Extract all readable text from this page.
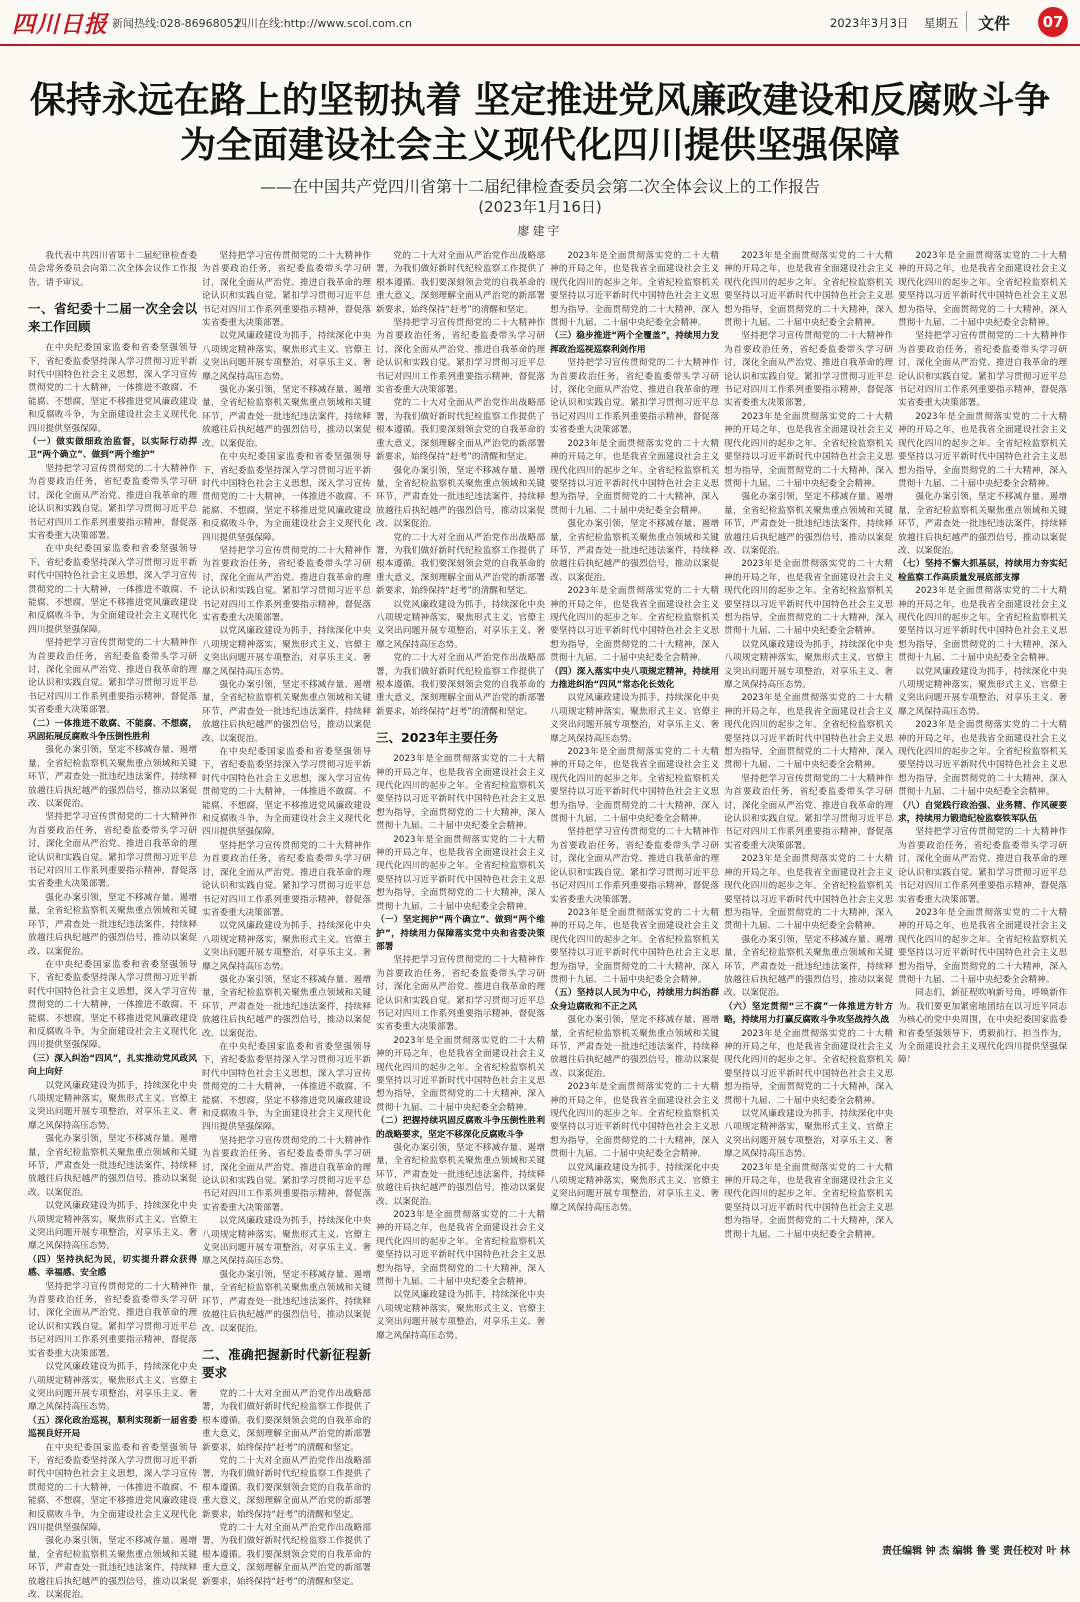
四川日报 新闻热线:028-86968052
四川在线:http://www.scol.com.cn	2023年3月3日 星期五 文件	07
保持永远在路上的坚韧执着 坚定推进党风廉政建设和反腐败斗争
为全面建设社会主义现代化四川提供坚强保障
——在中国共产党四川省第十二届纪律检查委员会第二次全体会议上的工作报告
(2023年1月16日)
廖建宇

我代表中共四川省第十二届纪律检查委员会常务委员会向第二次全体会议作工作报告，请予审议。

一、省纪委十二届一次全会以来工作回顾

在中央纪委国家监委和省委坚强领导下，省纪委监委坚持深入学习贯彻习近平新时代中国特色社会主义思想，深入学习宣传贯彻党的二十大精神，一体推进不敢腐、不能腐、不想腐，坚定不移推进党风廉政建设和反腐败斗争，为全面建设社会主义现代化四川提供坚强保障。

（一）做实做细政治监督，以实际行动捍卫“两个确立”、做到“两个维护”

坚持把学习宣传贯彻党的二十大精神作为首要政治任务，省纪委监委带头学习研讨，深化全面从严治党、推进自我革命的理论认识和实践自觉。紧扣学习贯彻习近平总书记对四川工作系列重要指示精神，督促落实省委重大决策部署。

在中央纪委国家监委和省委坚强领导下，省纪委监委坚持深入学习贯彻习近平新时代中国特色社会主义思想，深入学习宣传贯彻党的二十大精神，一体推进不敢腐、不能腐、不想腐，坚定不移推进党风廉政建设和反腐败斗争，为全面建设社会主义现代化四川提供坚强保障。

坚持把学习宣传贯彻党的二十大精神作为首要政治任务，省纪委监委带头学习研讨，深化全面从严治党、推进自我革命的理论认识和实践自觉。紧扣学习贯彻习近平总书记对四川工作系列重要指示精神，督促落实省委重大决策部署。

（二）一体推进不敢腐、不能腐、不想腐，巩固拓展反腐败斗争压倒性胜利

强化办案引领，坚定不移减存量、遏增量，全省纪检监察机关聚焦重点领域和关键环节，严肃查处一批违纪违法案件，持续释放越往后执纪越严的强烈信号，推动以案促改、以案促治。

坚持把学习宣传贯彻党的二十大精神作为首要政治任务，省纪委监委带头学习研讨，深化全面从严治党、推进自我革命的理论认识和实践自觉。紧扣学习贯彻习近平总书记对四川工作系列重要指示精神，督促落实省委重大决策部署。

强化办案引领，坚定不移减存量、遏增量，全省纪检监察机关聚焦重点领域和关键环节，严肃查处一批违纪违法案件，持续释放越往后执纪越严的强烈信号，推动以案促改、以案促治。

在中央纪委国家监委和省委坚强领导下，省纪委监委坚持深入学习贯彻习近平新时代中国特色社会主义思想，深入学习宣传贯彻党的二十大精神，一体推进不敢腐、不能腐、不想腐，坚定不移推进党风廉政建设和反腐败斗争，为全面建设社会主义现代化四川提供坚强保障。

（三）深入纠治“四风”，扎实推动党风政风向上向好

以党风廉政建设为抓手，持续深化中央八项规定精神落实，聚焦形式主义、官僚主义突出问题开展专项整治，对享乐主义、奢靡之风保持高压态势。

强化办案引领，坚定不移减存量、遏增量，全省纪检监察机关聚焦重点领域和关键环节，严肃查处一批违纪违法案件，持续释放越往后执纪越严的强烈信号，推动以案促改、以案促治。

以党风廉政建设为抓手，持续深化中央八项规定精神落实，聚焦形式主义、官僚主义突出问题开展专项整治，对享乐主义、奢靡之风保持高压态势。

（四）坚持执纪为民，切实提升群众获得感、幸福感、安全感

坚持把学习宣传贯彻党的二十大精神作为首要政治任务，省纪委监委带头学习研讨，深化全面从严治党、推进自我革命的理论认识和实践自觉。紧扣学习贯彻习近平总书记对四川工作系列重要指示精神，督促落实省委重大决策部署。

以党风廉政建设为抓手，持续深化中央八项规定精神落实，聚焦形式主义、官僚主义突出问题开展专项整治，对享乐主义、奢靡之风保持高压态势。

（五）深化政治巡视，顺利实现新一届省委巡视良好开局

在中央纪委国家监委和省委坚强领导下，省纪委监委坚持深入学习贯彻习近平新时代中国特色社会主义思想，深入学习宣传贯彻党的二十大精神，一体推进不敢腐、不能腐、不想腐，坚定不移推进党风廉政建设和反腐败斗争，为全面建设社会主义现代化四川提供坚强保障。

强化办案引领，坚定不移减存量、遏增量，全省纪检监察机关聚焦重点领域和关键环节，严肃查处一批违纪违法案件，持续释放越往后执纪越严的强烈信号，推动以案促改、以案促治。

坚持把学习宣传贯彻党的二十大精神作为首要政治任务，省纪委监委带头学习研讨，深化全面从严治党、推进自我革命的理论认识和实践自觉。紧扣学习贯彻习近平总书记对四川工作系列重要指示精神，督促落实省委重大决策部署。

以党风廉政建设为抓手，持续深化中央八项规定精神落实，聚焦形式主义、官僚主义突出问题开展专项整治，对享乐主义、奢靡之风保持高压态势。

强化办案引领，坚定不移减存量、遏增量，全省纪检监察机关聚焦重点领域和关键环节，严肃查处一批违纪违法案件，持续释放越往后执纪越严的强烈信号，推动以案促改、以案促治。

在中央纪委国家监委和省委坚强领导下，省纪委监委坚持深入学习贯彻习近平新时代中国特色社会主义思想，深入学习宣传贯彻党的二十大精神，一体推进不敢腐、不能腐、不想腐，坚定不移推进党风廉政建设和反腐败斗争，为全面建设社会主义现代化四川提供坚强保障。

坚持把学习宣传贯彻党的二十大精神作为首要政治任务，省纪委监委带头学习研讨，深化全面从严治党、推进自我革命的理论认识和实践自觉。紧扣学习贯彻习近平总书记对四川工作系列重要指示精神，督促落实省委重大决策部署。

以党风廉政建设为抓手，持续深化中央八项规定精神落实，聚焦形式主义、官僚主义突出问题开展专项整治，对享乐主义、奢靡之风保持高压态势。

强化办案引领，坚定不移减存量、遏增量，全省纪检监察机关聚焦重点领域和关键环节，严肃查处一批违纪违法案件，持续释放越往后执纪越严的强烈信号，推动以案促改、以案促治。

在中央纪委国家监委和省委坚强领导下，省纪委监委坚持深入学习贯彻习近平新时代中国特色社会主义思想，深入学习宣传贯彻党的二十大精神，一体推进不敢腐、不能腐、不想腐，坚定不移推进党风廉政建设和反腐败斗争，为全面建设社会主义现代化四川提供坚强保障。

坚持把学习宣传贯彻党的二十大精神作为首要政治任务，省纪委监委带头学习研讨，深化全面从严治党、推进自我革命的理论认识和实践自觉。紧扣学习贯彻习近平总书记对四川工作系列重要指示精神，督促落实省委重大决策部署。

以党风廉政建设为抓手，持续深化中央八项规定精神落实，聚焦形式主义、官僚主义突出问题开展专项整治，对享乐主义、奢靡之风保持高压态势。

强化办案引领，坚定不移减存量、遏增量，全省纪检监察机关聚焦重点领域和关键环节，严肃查处一批违纪违法案件，持续释放越往后执纪越严的强烈信号，推动以案促改、以案促治。

在中央纪委国家监委和省委坚强领导下，省纪委监委坚持深入学习贯彻习近平新时代中国特色社会主义思想，深入学习宣传贯彻党的二十大精神，一体推进不敢腐、不能腐、不想腐，坚定不移推进党风廉政建设和反腐败斗争，为全面建设社会主义现代化四川提供坚强保障。

坚持把学习宣传贯彻党的二十大精神作为首要政治任务，省纪委监委带头学习研讨，深化全面从严治党、推进自我革命的理论认识和实践自觉。紧扣学习贯彻习近平总书记对四川工作系列重要指示精神，督促落实省委重大决策部署。

以党风廉政建设为抓手，持续深化中央八项规定精神落实，聚焦形式主义、官僚主义突出问题开展专项整治，对享乐主义、奢靡之风保持高压态势。

强化办案引领，坚定不移减存量、遏增量，全省纪检监察机关聚焦重点领域和关键环节，严肃查处一批违纪违法案件，持续释放越往后执纪越严的强烈信号，推动以案促改、以案促治。

二、准确把握新时代新征程新要求

党的二十大对全面从严治党作出战略部署，为我们做好新时代纪检监察工作提供了根本遵循。我们要深刻领会党的自我革命的重大意义，深刻理解全面从严治党的新部署新要求，始终保持“赶考”的清醒和坚定。

党的二十大对全面从严治党作出战略部署，为我们做好新时代纪检监察工作提供了根本遵循。我们要深刻领会党的自我革命的重大意义，深刻理解全面从严治党的新部署新要求，始终保持“赶考”的清醒和坚定。

党的二十大对全面从严治党作出战略部署，为我们做好新时代纪检监察工作提供了根本遵循。我们要深刻领会党的自我革命的重大意义，深刻理解全面从严治党的新部署新要求，始终保持“赶考”的清醒和坚定。

党的二十大对全面从严治党作出战略部署，为我们做好新时代纪检监察工作提供了根本遵循。我们要深刻领会党的自我革命的重大意义，深刻理解全面从严治党的新部署新要求，始终保持“赶考”的清醒和坚定。

坚持把学习宣传贯彻党的二十大精神作为首要政治任务，省纪委监委带头学习研讨，深化全面从严治党、推进自我革命的理论认识和实践自觉。紧扣学习贯彻习近平总书记对四川工作系列重要指示精神，督促落实省委重大决策部署。

党的二十大对全面从严治党作出战略部署，为我们做好新时代纪检监察工作提供了根本遵循。我们要深刻领会党的自我革命的重大意义，深刻理解全面从严治党的新部署新要求，始终保持“赶考”的清醒和坚定。

强化办案引领，坚定不移减存量、遏增量，全省纪检监察机关聚焦重点领域和关键环节，严肃查处一批违纪违法案件，持续释放越往后执纪越严的强烈信号，推动以案促改、以案促治。

党的二十大对全面从严治党作出战略部署，为我们做好新时代纪检监察工作提供了根本遵循。我们要深刻领会党的自我革命的重大意义，深刻理解全面从严治党的新部署新要求，始终保持“赶考”的清醒和坚定。

以党风廉政建设为抓手，持续深化中央八项规定精神落实，聚焦形式主义、官僚主义突出问题开展专项整治，对享乐主义、奢靡之风保持高压态势。

党的二十大对全面从严治党作出战略部署，为我们做好新时代纪检监察工作提供了根本遵循。我们要深刻领会党的自我革命的重大意义，深刻理解全面从严治党的新部署新要求，始终保持“赶考”的清醒和坚定。

三、2023年主要任务

2023年是全面贯彻落实党的二十大精神的开局之年，也是我省全面建设社会主义现代化四川的起步之年。全省纪检监察机关要坚持以习近平新时代中国特色社会主义思想为指导，全面贯彻党的二十大精神，深入贯彻十九届、二十届中央纪委全会精神。

2023年是全面贯彻落实党的二十大精神的开局之年，也是我省全面建设社会主义现代化四川的起步之年。全省纪检监察机关要坚持以习近平新时代中国特色社会主义思想为指导，全面贯彻党的二十大精神，深入贯彻十九届、二十届中央纪委全会精神。

（一）坚定拥护“两个确立”、做到“两个维护”，持续用力保障落实党中央和省委决策部署

坚持把学习宣传贯彻党的二十大精神作为首要政治任务，省纪委监委带头学习研讨，深化全面从严治党、推进自我革命的理论认识和实践自觉。紧扣学习贯彻习近平总书记对四川工作系列重要指示精神，督促落实省委重大决策部署。

2023年是全面贯彻落实党的二十大精神的开局之年，也是我省全面建设社会主义现代化四川的起步之年。全省纪检监察机关要坚持以习近平新时代中国特色社会主义思想为指导，全面贯彻党的二十大精神，深入贯彻十九届、二十届中央纪委全会精神。

（二）把握持续巩固反腐败斗争压倒性胜利的战略要求，坚定不移深化反腐败斗争

强化办案引领，坚定不移减存量、遏增量，全省纪检监察机关聚焦重点领域和关键环节，严肃查处一批违纪违法案件，持续释放越往后执纪越严的强烈信号，推动以案促改、以案促治。

2023年是全面贯彻落实党的二十大精神的开局之年，也是我省全面建设社会主义现代化四川的起步之年。全省纪检监察机关要坚持以习近平新时代中国特色社会主义思想为指导，全面贯彻党的二十大精神，深入贯彻十九届、二十届中央纪委全会精神。

以党风廉政建设为抓手，持续深化中央八项规定精神落实，聚焦形式主义、官僚主义突出问题开展专项整治，对享乐主义、奢靡之风保持高压态势。

2023年是全面贯彻落实党的二十大精神的开局之年，也是我省全面建设社会主义现代化四川的起步之年。全省纪检监察机关要坚持以习近平新时代中国特色社会主义思想为指导，全面贯彻党的二十大精神，深入贯彻十九届、二十届中央纪委全会精神。

（三）稳步推进“两个全覆盖”，持续用力发挥政治巡视巡察利剑作用

坚持把学习宣传贯彻党的二十大精神作为首要政治任务，省纪委监委带头学习研讨，深化全面从严治党、推进自我革命的理论认识和实践自觉。紧扣学习贯彻习近平总书记对四川工作系列重要指示精神，督促落实省委重大决策部署。

2023年是全面贯彻落实党的二十大精神的开局之年，也是我省全面建设社会主义现代化四川的起步之年。全省纪检监察机关要坚持以习近平新时代中国特色社会主义思想为指导，全面贯彻党的二十大精神，深入贯彻十九届、二十届中央纪委全会精神。

强化办案引领，坚定不移减存量、遏增量，全省纪检监察机关聚焦重点领域和关键环节，严肃查处一批违纪违法案件，持续释放越往后执纪越严的强烈信号，推动以案促改、以案促治。

2023年是全面贯彻落实党的二十大精神的开局之年，也是我省全面建设社会主义现代化四川的起步之年。全省纪检监察机关要坚持以习近平新时代中国特色社会主义思想为指导，全面贯彻党的二十大精神，深入贯彻十九届、二十届中央纪委全会精神。

（四）深入落实中央八项规定精神，持续用力推进纠治“四风”常态化长效化

以党风廉政建设为抓手，持续深化中央八项规定精神落实，聚焦形式主义、官僚主义突出问题开展专项整治，对享乐主义、奢靡之风保持高压态势。

2023年是全面贯彻落实党的二十大精神的开局之年，也是我省全面建设社会主义现代化四川的起步之年。全省纪检监察机关要坚持以习近平新时代中国特色社会主义思想为指导，全面贯彻党的二十大精神，深入贯彻十九届、二十届中央纪委全会精神。

坚持把学习宣传贯彻党的二十大精神作为首要政治任务，省纪委监委带头学习研讨，深化全面从严治党、推进自我革命的理论认识和实践自觉。紧扣学习贯彻习近平总书记对四川工作系列重要指示精神，督促落实省委重大决策部署。

2023年是全面贯彻落实党的二十大精神的开局之年，也是我省全面建设社会主义现代化四川的起步之年。全省纪检监察机关要坚持以习近平新时代中国特色社会主义思想为指导，全面贯彻党的二十大精神，深入贯彻十九届、二十届中央纪委全会精神。

（五）坚持以人民为中心，持续用力纠治群众身边腐败和不正之风

强化办案引领，坚定不移减存量、遏增量，全省纪检监察机关聚焦重点领域和关键环节，严肃查处一批违纪违法案件，持续释放越往后执纪越严的强烈信号，推动以案促改、以案促治。

2023年是全面贯彻落实党的二十大精神的开局之年，也是我省全面建设社会主义现代化四川的起步之年。全省纪检监察机关要坚持以习近平新时代中国特色社会主义思想为指导，全面贯彻党的二十大精神，深入贯彻十九届、二十届中央纪委全会精神。

以党风廉政建设为抓手，持续深化中央八项规定精神落实，聚焦形式主义、官僚主义突出问题开展专项整治，对享乐主义、奢靡之风保持高压态势。

2023年是全面贯彻落实党的二十大精神的开局之年，也是我省全面建设社会主义现代化四川的起步之年。全省纪检监察机关要坚持以习近平新时代中国特色社会主义思想为指导，全面贯彻党的二十大精神，深入贯彻十九届、二十届中央纪委全会精神。

坚持把学习宣传贯彻党的二十大精神作为首要政治任务，省纪委监委带头学习研讨，深化全面从严治党、推进自我革命的理论认识和实践自觉。紧扣学习贯彻习近平总书记对四川工作系列重要指示精神，督促落实省委重大决策部署。

2023年是全面贯彻落实党的二十大精神的开局之年，也是我省全面建设社会主义现代化四川的起步之年。全省纪检监察机关要坚持以习近平新时代中国特色社会主义思想为指导，全面贯彻党的二十大精神，深入贯彻十九届、二十届中央纪委全会精神。

强化办案引领，坚定不移减存量、遏增量，全省纪检监察机关聚焦重点领域和关键环节，严肃查处一批违纪违法案件，持续释放越往后执纪越严的强烈信号，推动以案促改、以案促治。

2023年是全面贯彻落实党的二十大精神的开局之年，也是我省全面建设社会主义现代化四川的起步之年。全省纪检监察机关要坚持以习近平新时代中国特色社会主义思想为指导，全面贯彻党的二十大精神，深入贯彻十九届、二十届中央纪委全会精神。

以党风廉政建设为抓手，持续深化中央八项规定精神落实，聚焦形式主义、官僚主义突出问题开展专项整治，对享乐主义、奢靡之风保持高压态势。

2023年是全面贯彻落实党的二十大精神的开局之年，也是我省全面建设社会主义现代化四川的起步之年。全省纪检监察机关要坚持以习近平新时代中国特色社会主义思想为指导，全面贯彻党的二十大精神，深入贯彻十九届、二十届中央纪委全会精神。

坚持把学习宣传贯彻党的二十大精神作为首要政治任务，省纪委监委带头学习研讨，深化全面从严治党、推进自我革命的理论认识和实践自觉。紧扣学习贯彻习近平总书记对四川工作系列重要指示精神，督促落实省委重大决策部署。

2023年是全面贯彻落实党的二十大精神的开局之年，也是我省全面建设社会主义现代化四川的起步之年。全省纪检监察机关要坚持以习近平新时代中国特色社会主义思想为指导，全面贯彻党的二十大精神，深入贯彻十九届、二十届中央纪委全会精神。

强化办案引领，坚定不移减存量、遏增量，全省纪检监察机关聚焦重点领域和关键环节，严肃查处一批违纪违法案件，持续释放越往后执纪越严的强烈信号，推动以案促改、以案促治。

（六）坚定贯彻“三不腐”一体推进方针方略，持续用力打赢反腐败斗争攻坚战持久战

2023年是全面贯彻落实党的二十大精神的开局之年，也是我省全面建设社会主义现代化四川的起步之年。全省纪检监察机关要坚持以习近平新时代中国特色社会主义思想为指导，全面贯彻党的二十大精神，深入贯彻十九届、二十届中央纪委全会精神。

以党风廉政建设为抓手，持续深化中央八项规定精神落实，聚焦形式主义、官僚主义突出问题开展专项整治，对享乐主义、奢靡之风保持高压态势。

2023年是全面贯彻落实党的二十大精神的开局之年，也是我省全面建设社会主义现代化四川的起步之年。全省纪检监察机关要坚持以习近平新时代中国特色社会主义思想为指导，全面贯彻党的二十大精神，深入贯彻十九届、二十届中央纪委全会精神。

2023年是全面贯彻落实党的二十大精神的开局之年，也是我省全面建设社会主义现代化四川的起步之年。全省纪检监察机关要坚持以习近平新时代中国特色社会主义思想为指导，全面贯彻党的二十大精神，深入贯彻十九届、二十届中央纪委全会精神。

坚持把学习宣传贯彻党的二十大精神作为首要政治任务，省纪委监委带头学习研讨，深化全面从严治党、推进自我革命的理论认识和实践自觉。紧扣学习贯彻习近平总书记对四川工作系列重要指示精神，督促落实省委重大决策部署。

2023年是全面贯彻落实党的二十大精神的开局之年，也是我省全面建设社会主义现代化四川的起步之年。全省纪检监察机关要坚持以习近平新时代中国特色社会主义思想为指导，全面贯彻党的二十大精神，深入贯彻十九届、二十届中央纪委全会精神。

强化办案引领，坚定不移减存量、遏增量，全省纪检监察机关聚焦重点领域和关键环节，严肃查处一批违纪违法案件，持续释放越往后执纪越严的强烈信号，推动以案促改、以案促治。

（七）坚持不懈大抓基层，持续用力夯实纪检监察工作高质量发展底部支撑

2023年是全面贯彻落实党的二十大精神的开局之年，也是我省全面建设社会主义现代化四川的起步之年。全省纪检监察机关要坚持以习近平新时代中国特色社会主义思想为指导，全面贯彻党的二十大精神，深入贯彻十九届、二十届中央纪委全会精神。

以党风廉政建设为抓手，持续深化中央八项规定精神落实，聚焦形式主义、官僚主义突出问题开展专项整治，对享乐主义、奢靡之风保持高压态势。

2023年是全面贯彻落实党的二十大精神的开局之年，也是我省全面建设社会主义现代化四川的起步之年。全省纪检监察机关要坚持以习近平新时代中国特色社会主义思想为指导，全面贯彻党的二十大精神，深入贯彻十九届、二十届中央纪委全会精神。

（八）自觉践行政治强、业务精、作风硬要求，持续用力锻造纪检监察铁军队伍

坚持把学习宣传贯彻党的二十大精神作为首要政治任务，省纪委监委带头学习研讨，深化全面从严治党、推进自我革命的理论认识和实践自觉。紧扣学习贯彻习近平总书记对四川工作系列重要指示精神，督促落实省委重大决策部署。

2023年是全面贯彻落实党的二十大精神的开局之年，也是我省全面建设社会主义现代化四川的起步之年。全省纪检监察机关要坚持以习近平新时代中国特色社会主义思想为指导，全面贯彻党的二十大精神，深入贯彻十九届、二十届中央纪委全会精神。

同志们，新征程吹响新号角，呼唤新作为。我们要更加紧密地团结在以习近平同志为核心的党中央周围，在中央纪委国家监委和省委坚强领导下，勇毅前行、担当作为，为全面建设社会主义现代化四川提供坚强保障！

责任编辑 钟 杰 编辑 鲁 雯 责任校对 叶 林
